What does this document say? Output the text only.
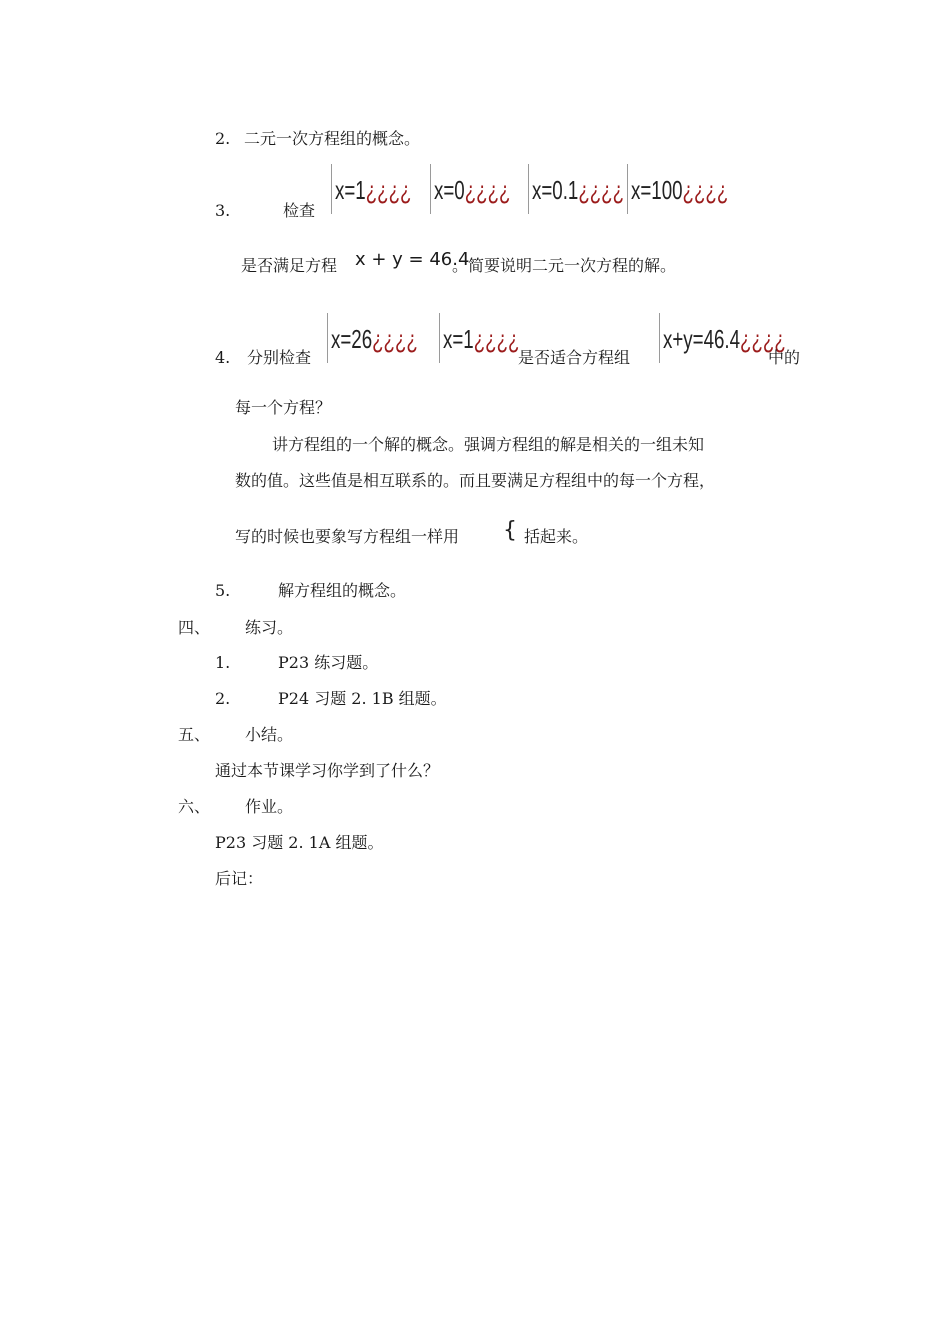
2. 二元一次方程组的概念。
3.	检查
x=1¿¿¿¿ x=0¿¿¿¿ x=0.1¿¿¿¿ x=100¿¿¿¿
是否满足方程 x + y = 46.4
。简要说明二元一次方程的解。
4. 分别检查
x=26¿¿¿¿ x=1¿¿¿¿
是否适合方程组
x+y=46.4¿¿¿¿
中的
每一个方程？
讲方程组的一个解的概念。强调方程组的解是相关的一组未知
数的值。这些值是相互联系的。而且要满足方程组中的每一个方程，
写的时候也要象写方程组一样用 { 括起来。
5.	解方程组的概念。
四、 练习。
1.	P23 练习题。
2.	P24 习题 2. 1B 组题。
五、 小结。
通过本节课学习你学到了什么？
六、 作业。
P23 习题 2. 1A 组题。
后记：
